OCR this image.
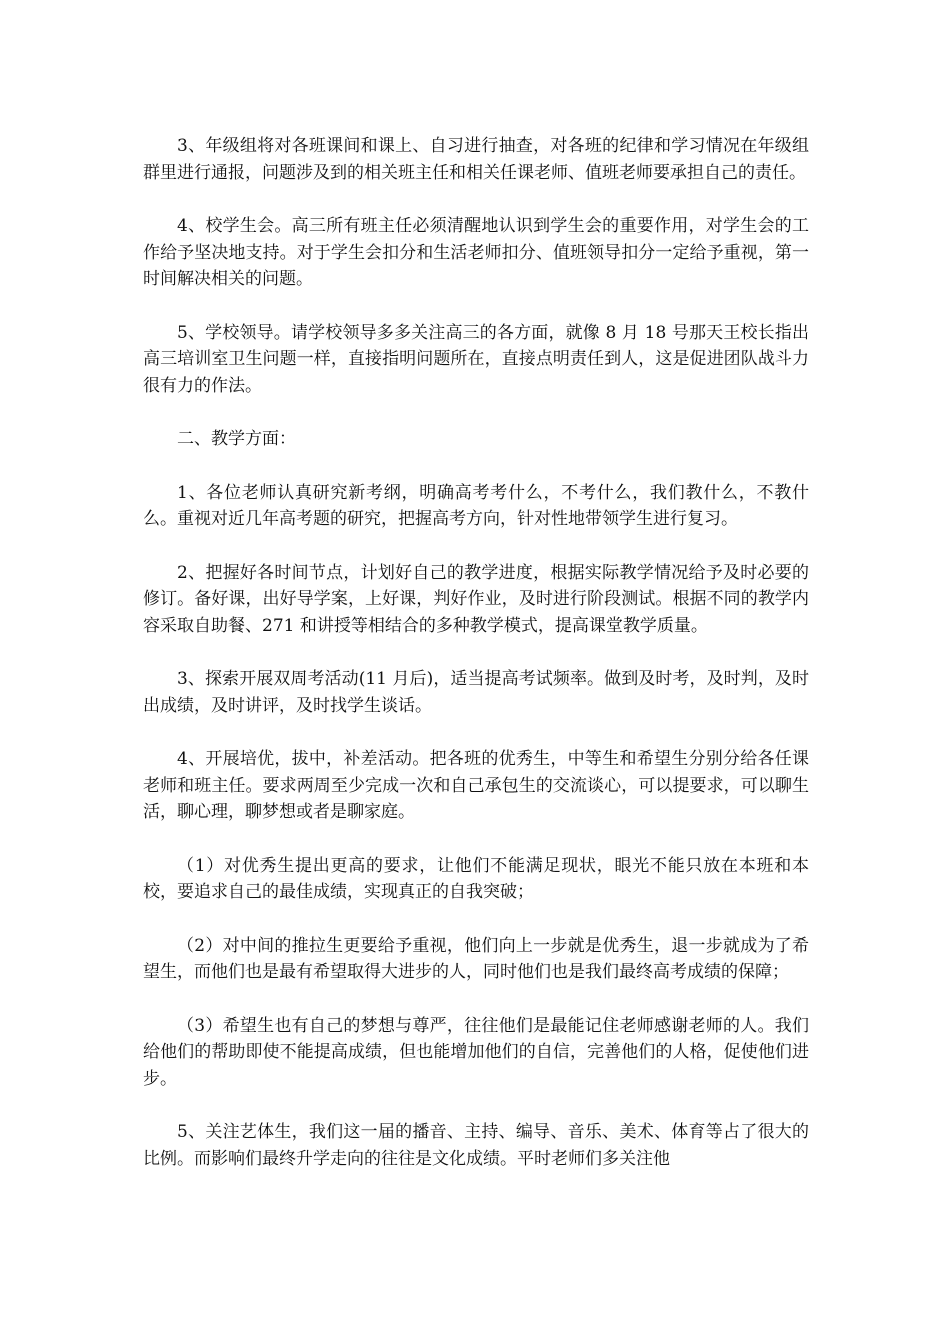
3、年级组将对各班课间和课上、自习进行抽查，对各班的纪律和学习情况在年级组群里进行通报，问题涉及到的相关班主任和相关任课老师、值班老师要承担自己的责任。

4、校学生会。高三所有班主任必须清醒地认识到学生会的重要作用，对学生会的工作给予坚决地支持。对于学生会扣分和生活老师扣分、值班领导扣分一定给予重视，第一时间解决相关的问题。

5、学校领导。请学校领导多多关注高三的各方面，就像 8 月 18 号那天王校长指出高三培训室卫生问题一样，直接指明问题所在，直接点明责任到人，这是促进团队战斗力很有力的作法。

二、教学方面：

1、各位老师认真研究新考纲，明确高考考什么，不考什么，我们教什么，不教什么。重视对近几年高考题的研究，把握高考方向，针对性地带领学生进行复习。

2、把握好各时间节点，计划好自己的教学进度，根据实际教学情况给予及时必要的修订。备好课，出好导学案，上好课，判好作业，及时进行阶段测试。根据不同的教学内容采取自助餐、271 和讲授等相结合的多种教学模式，提高课堂教学质量。

3、探索开展双周考活动(11 月后)，适当提高考试频率。做到及时考，及时判，及时出成绩，及时讲评，及时找学生谈话。

4、开展培优，拔中，补差活动。把各班的优秀生，中等生和希望生分别分给各任课老师和班主任。要求两周至少完成一次和自己承包生的交流谈心，可以提要求，可以聊生活，聊心理，聊梦想或者是聊家庭。

（1）对优秀生提出更高的要求，让他们不能满足现状，眼光不能只放在本班和本校，要追求自己的最佳成绩，实现真正的自我突破；

（2）对中间的推拉生更要给予重视，他们向上一步就是优秀生，退一步就成为了希望生，而他们也是最有希望取得大进步的人，同时他们也是我们最终高考成绩的保障；

（3）希望生也有自己的梦想与尊严，往往他们是最能记住老师感谢老师的人。我们给他们的帮助即使不能提高成绩，但也能增加他们的自信，完善他们的人格，促使他们进步。

5、关注艺体生，我们这一届的播音、主持、编导、音乐、美术、体育等占了很大的比例。而影响们最终升学走向的往往是文化成绩。平时老师们多关注他
